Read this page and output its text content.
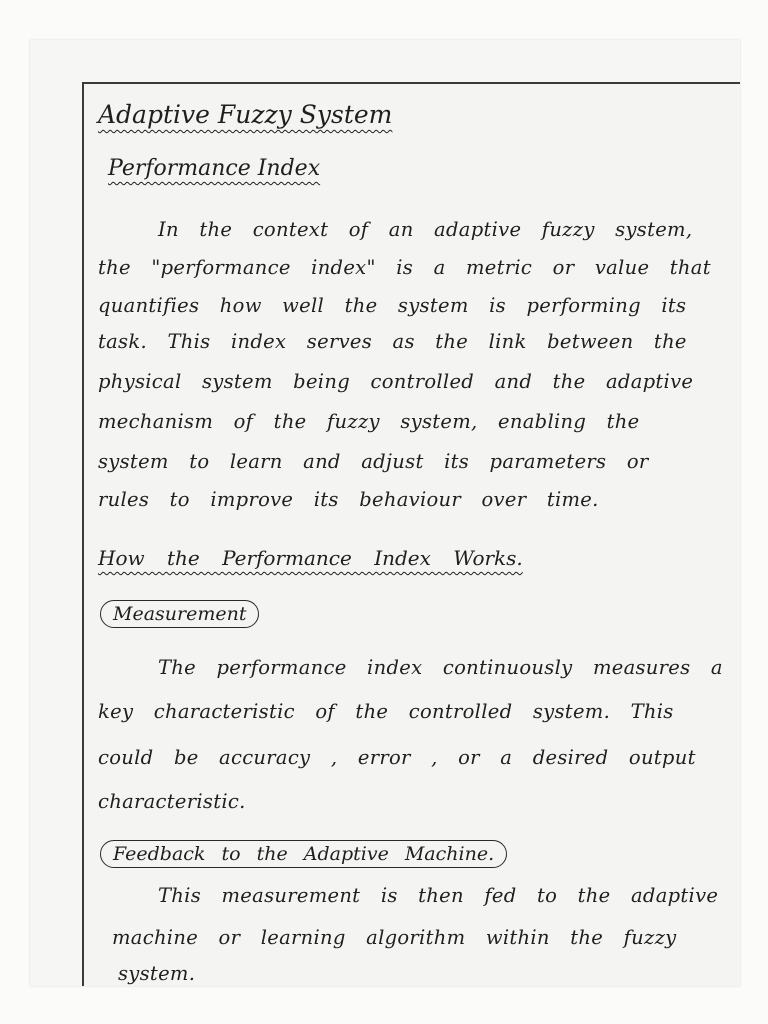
Adaptive Fuzzy System

Performance Index

In the context of an adaptive fuzzy system,

the "performance index" is a metric or value that

quantifies how well the system is performing its

task. This index serves as the link between the

physical system being controlled and the adaptive

mechanism of the fuzzy system, enabling the

system to learn and adjust its parameters or

rules to improve its behaviour over time.

How the Performance Index Works.

Measurement

The performance index continuously measures a

key characteristic of the controlled system. This

could be accuracy , error , or a desired output

characteristic.

Feedback to the Adaptive Machine.

This measurement is then fed to the adaptive

machine or learning algorithm within the fuzzy

system.
